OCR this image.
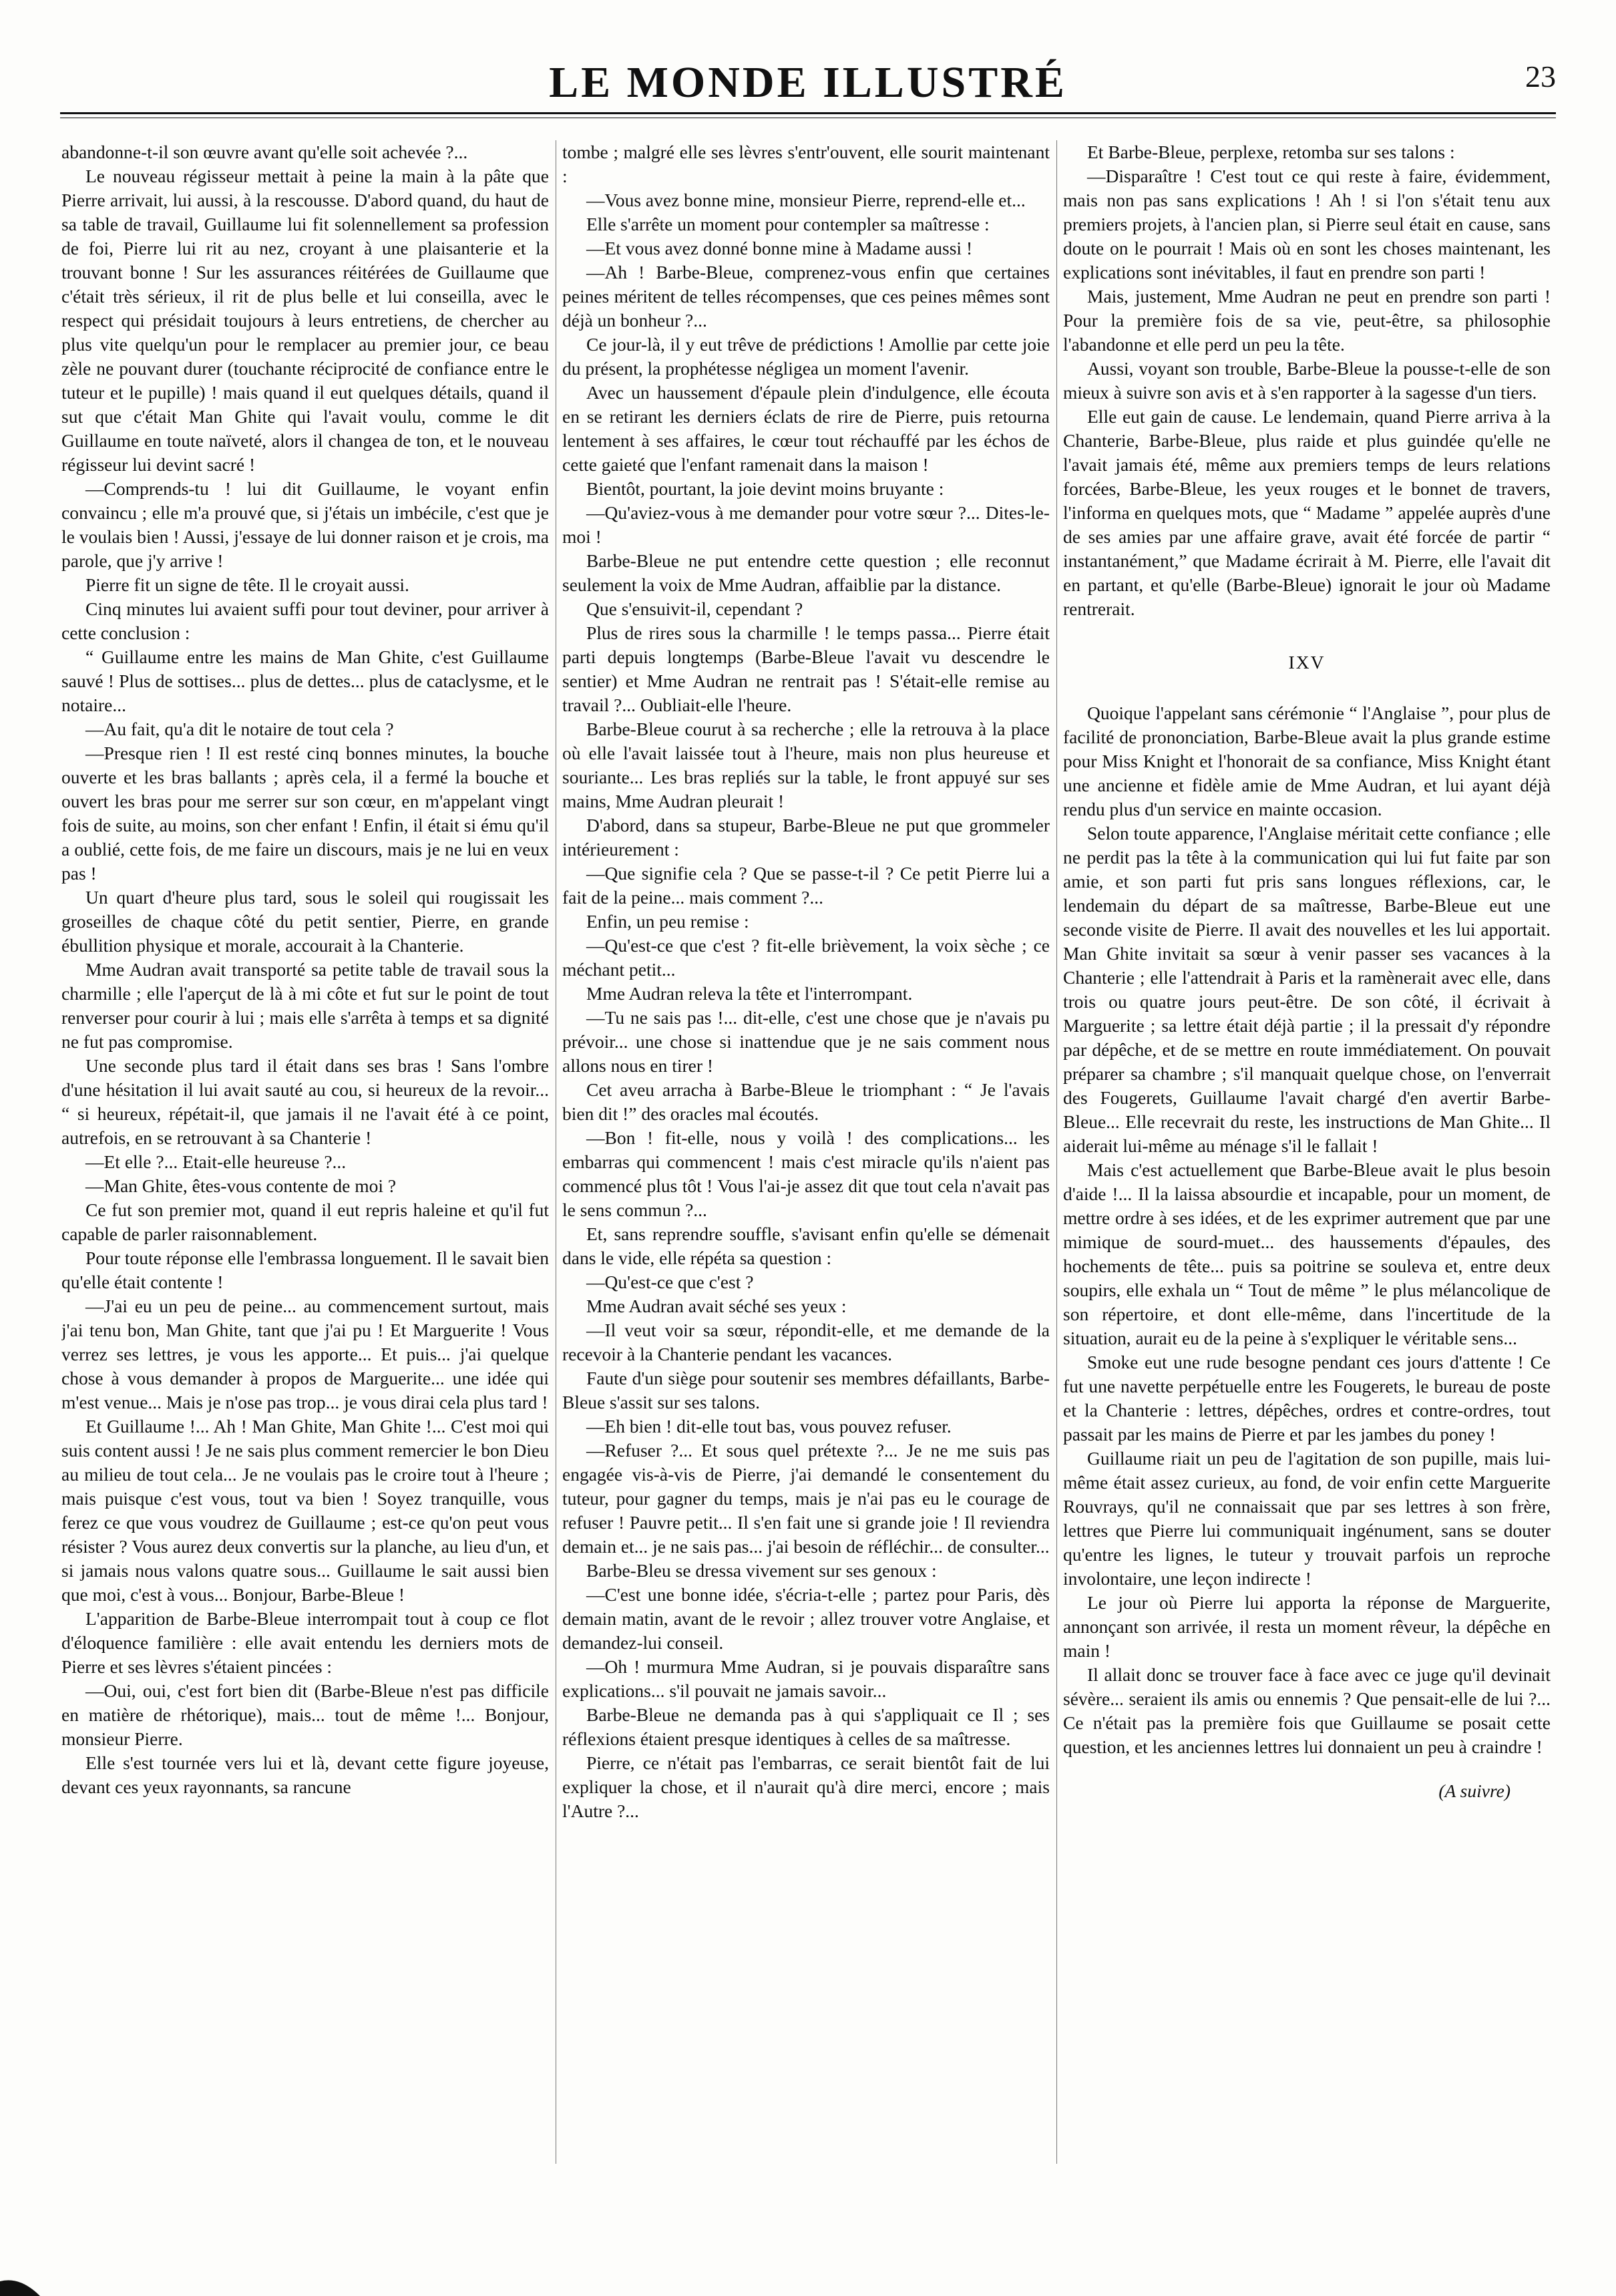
LE MONDE ILLUSTRÉ	23

abandonne-t-il son œuvre avant qu'elle soit achevée ?...

Le nouveau régisseur mettait à peine la main à la pâte que Pierre arrivait, lui aussi, à la rescousse. D'abord quand, du haut de sa table de travail, Guillaume lui fit solennellement sa profession de foi, Pierre lui rit au nez, croyant à une plaisanterie et la trouvant bonne ! Sur les assurances réitérées de Guillaume que c'était très sérieux, il rit de plus belle et lui conseilla, avec le respect qui présidait toujours à leurs entretiens, de chercher au plus vite quelqu'un pour le remplacer au premier jour, ce beau zèle ne pouvant durer (touchante réciprocité de confiance entre le tuteur et le pupille) ! mais quand il eut quelques détails, quand il sut que c'était Man Ghite qui l'avait voulu, comme le dit Guillaume en toute naïveté, alors il changea de ton, et le nouveau régisseur lui devint sacré !

—Comprends-tu ! lui dit Guillaume, le voyant enfin convaincu ; elle m'a prouvé que, si j'étais un imbécile, c'est que je le voulais bien ! Aussi, j'essaye de lui donner raison et je crois, ma parole, que j'y arrive !

Pierre fit un signe de tête. Il le croyait aussi.

Cinq minutes lui avaient suffi pour tout deviner, pour arriver à cette conclusion :

“ Guillaume entre les mains de Man Ghite, c'est Guillaume sauvé ! Plus de sottises... plus de dettes... plus de cataclysme, et le notaire...

—Au fait, qu'a dit le notaire de tout cela ?

—Presque rien ! Il est resté cinq bonnes minutes, la bouche ouverte et les bras ballants ; après cela, il a fermé la bouche et ouvert les bras pour me serrer sur son cœur, en m'appelant vingt fois de suite, au moins, son cher enfant ! Enfin, il était si ému qu'il a oublié, cette fois, de me faire un discours, mais je ne lui en veux pas !

Un quart d'heure plus tard, sous le soleil qui rougissait les groseilles de chaque côté du petit sentier, Pierre, en grande ébullition physique et morale, accourait à la Chanterie.

Mme Audran avait transporté sa petite table de travail sous la charmille ; elle l'aperçut de là à mi côte et fut sur le point de tout renverser pour courir à lui ; mais elle s'arrêta à temps et sa dignité ne fut pas compromise.

Une seconde plus tard il était dans ses bras ! Sans l'ombre d'une hésitation il lui avait sauté au cou, si heureux de la revoir... “ si heureux, répétait-il, que jamais il ne l'avait été à ce point, autrefois, en se retrouvant à sa Chanterie !

—Et elle ?... Etait-elle heureuse ?...

—Man Ghite, êtes-vous contente de moi ?

Ce fut son premier mot, quand il eut repris haleine et qu'il fut capable de parler raisonnablement.

Pour toute réponse elle l'embrassa longuement. Il le savait bien qu'elle était contente !

—J'ai eu un peu de peine... au commencement surtout, mais j'ai tenu bon, Man Ghite, tant que j'ai pu ! Et Marguerite ! Vous verrez ses lettres, je vous les apporte... Et puis... j'ai quelque chose à vous demander à propos de Marguerite... une idée qui m'est venue... Mais je n'ose pas trop... je vous dirai cela plus tard !

Et Guillaume !... Ah ! Man Ghite, Man Ghite !... C'est moi qui suis content aussi ! Je ne sais plus comment remercier le bon Dieu au milieu de tout cela... Je ne voulais pas le croire tout à l'heure ; mais puisque c'est vous, tout va bien ! Soyez tranquille, vous ferez ce que vous voudrez de Guillaume ; est-ce qu'on peut vous résister ? Vous aurez deux convertis sur la planche, au lieu d'un, et si jamais nous valons quatre sous... Guillaume le sait aussi bien que moi, c'est à vous... Bonjour, Barbe-Bleue !

L'apparition de Barbe-Bleue interrompait tout à coup ce flot d'éloquence familière : elle avait entendu les derniers mots de Pierre et ses lèvres s'étaient pincées :

—Oui, oui, c'est fort bien dit (Barbe-Bleue n'est pas difficile en matière de rhétorique), mais... tout de même !... Bonjour, monsieur Pierre.

Elle s'est tournée vers lui et là, devant cette figure joyeuse, devant ces yeux rayonnants, sa rancune

tombe ; malgré elle ses lèvres s'entr'ouvent, elle sourit maintenant :

—Vous avez bonne mine, monsieur Pierre, reprend-elle et...

Elle s'arrête un moment pour contempler sa maîtresse :

—Et vous avez donné bonne mine à Madame aussi !

—Ah ! Barbe-Bleue, comprenez-vous enfin que certaines peines méritent de telles récompenses, que ces peines mêmes sont déjà un bonheur ?...

Ce jour-là, il y eut trêve de prédictions ! Amollie par cette joie du présent, la prophétesse négligea un moment l'avenir.

Avec un haussement d'épaule plein d'indulgence, elle écouta en se retirant les derniers éclats de rire de Pierre, puis retourna lentement à ses affaires, le cœur tout réchauffé par les échos de cette gaieté que l'enfant ramenait dans la maison !

Bientôt, pourtant, la joie devint moins bruyante :

—Qu'aviez-vous à me demander pour votre sœur ?... Dites-le-moi !

Barbe-Bleue ne put entendre cette question ; elle reconnut seulement la voix de Mme Audran, affaiblie par la distance.

Que s'ensuivit-il, cependant ?

Plus de rires sous la charmille ! le temps passa... Pierre était parti depuis longtemps (Barbe-Bleue l'avait vu descendre le sentier) et Mme Audran ne rentrait pas ! S'était-elle remise au travail ?... Oubliait-elle l'heure.

Barbe-Bleue courut à sa recherche ; elle la retrouva à la place où elle l'avait laissée tout à l'heure, mais non plus heureuse et souriante... Les bras repliés sur la table, le front appuyé sur ses mains, Mme Audran pleurait !

D'abord, dans sa stupeur, Barbe-Bleue ne put que grommeler intérieurement :

—Que signifie cela ? Que se passe-t-il ? Ce petit Pierre lui a fait de la peine... mais comment ?...

Enfin, un peu remise :

—Qu'est-ce que c'est ? fit-elle brièvement, la voix sèche ; ce méchant petit...

Mme Audran releva la tête et l'interrompant.

—Tu ne sais pas !... dit-elle, c'est une chose que je n'avais pu prévoir... une chose si inattendue que je ne sais comment nous allons nous en tirer !

Cet aveu arracha à Barbe-Bleue le triomphant : “ Je l'avais bien dit !” des oracles mal écoutés.

—Bon ! fit-elle, nous y voilà ! des complications... les embarras qui commencent ! mais c'est miracle qu'ils n'aient pas commencé plus tôt ! Vous l'ai-je assez dit que tout cela n'avait pas le sens commun ?...

Et, sans reprendre souffle, s'avisant enfin qu'elle se démenait dans le vide, elle répéta sa question :

—Qu'est-ce que c'est ?

Mme Audran avait séché ses yeux :

—Il veut voir sa sœur, répondit-elle, et me demande de la recevoir à la Chanterie pendant les vacances.

Faute d'un siège pour soutenir ses membres défaillants, Barbe-Bleue s'assit sur ses talons.

—Eh bien ! dit-elle tout bas, vous pouvez refuser.

—Refuser ?... Et sous quel prétexte ?... Je ne me suis pas engagée vis-à-vis de Pierre, j'ai demandé le consentement du tuteur, pour gagner du temps, mais je n'ai pas eu le courage de refuser ! Pauvre petit... Il s'en fait une si grande joie ! Il reviendra demain et... je ne sais pas... j'ai besoin de réfléchir... de consulter...

Barbe-Bleu se dressa vivement sur ses genoux :

—C'est une bonne idée, s'écria-t-elle ; partez pour Paris, dès demain matin, avant de le revoir ; allez trouver votre Anglaise, et demandez-lui conseil.

—Oh ! murmura Mme Audran, si je pouvais disparaître sans explications... s'il pouvait ne jamais savoir...

Barbe-Bleue ne demanda pas à qui s'appliquait ce Il ; ses réflexions étaient presque identiques à celles de sa maîtresse.

Pierre, ce n'était pas l'embarras, ce serait bientôt fait de lui expliquer la chose, et il n'aurait qu'à dire merci, encore ; mais l'Autre ?...

Et Barbe-Bleue, perplexe, retomba sur ses talons :

—Disparaître ! C'est tout ce qui reste à faire, évidemment, mais non pas sans explications ! Ah ! si l'on s'était tenu aux premiers projets, à l'ancien plan, si Pierre seul était en cause, sans doute on le pourrait ! Mais où en sont les choses maintenant, les explications sont inévitables, il faut en prendre son parti !

Mais, justement, Mme Audran ne peut en prendre son parti ! Pour la première fois de sa vie, peut-être, sa philosophie l'abandonne et elle perd un peu la tête.

Aussi, voyant son trouble, Barbe-Bleue la pousse-t-elle de son mieux à suivre son avis et à s'en rapporter à la sagesse d'un tiers.

Elle eut gain de cause. Le lendemain, quand Pierre arriva à la Chanterie, Barbe-Bleue, plus raide et plus guindée qu'elle ne l'avait jamais été, même aux premiers temps de leurs relations forcées, Barbe-Bleue, les yeux rouges et le bonnet de travers, l'informa en quelques mots, que “ Madame ” appelée auprès d'une de ses amies par une affaire grave, avait été forcée de partir “ instantanément,” que Madame écrirait à M. Pierre, elle l'avait dit en partant, et qu'elle (Barbe-Bleue) ignorait le jour où Madame rentrerait.

IXV

Quoique l'appelant sans cérémonie “ l'Anglaise ”, pour plus de facilité de prononciation, Barbe-Bleue avait la plus grande estime pour Miss Knight et l'honorait de sa confiance, Miss Knight étant une ancienne et fidèle amie de Mme Audran, et lui ayant déjà rendu plus d'un service en mainte occasion.

Selon toute apparence, l'Anglaise méritait cette confiance ; elle ne perdit pas la tête à la communication qui lui fut faite par son amie, et son parti fut pris sans longues réflexions, car, le lendemain du départ de sa maîtresse, Barbe-Bleue eut une seconde visite de Pierre. Il avait des nouvelles et les lui apportait. Man Ghite invitait sa sœur à venir passer ses vacances à la Chanterie ; elle l'attendrait à Paris et la ramènerait avec elle, dans trois ou quatre jours peut-être. De son côté, il écrivait à Marguerite ; sa lettre était déjà partie ; il la pressait d'y répondre par dépêche, et de se mettre en route immédiatement. On pouvait préparer sa chambre ; s'il manquait quelque chose, on l'enverrait des Fougerets, Guillaume l'avait chargé d'en avertir Barbe-Bleue... Elle recevrait du reste, les instructions de Man Ghite... Il aiderait lui-même au ménage s'il le fallait !

Mais c'est actuellement que Barbe-Bleue avait le plus besoin d'aide !... Il la laissa absourdie et incapable, pour un moment, de mettre ordre à ses idées, et de les exprimer autrement que par une mimique de sourd-muet... des haussements d'épaules, des hochements de tête... puis sa poitrine se souleva et, entre deux soupirs, elle exhala un “ Tout de même ” le plus mélancolique de son répertoire, et dont elle-même, dans l'incertitude de la situation, aurait eu de la peine à s'expliquer le véritable sens...

Smoke eut une rude besogne pendant ces jours d'attente ! Ce fut une navette perpétuelle entre les Fougerets, le bureau de poste et la Chanterie : lettres, dépêches, ordres et contre-ordres, tout passait par les mains de Pierre et par les jambes du poney !

Guillaume riait un peu de l'agitation de son pupille, mais lui-même était assez curieux, au fond, de voir enfin cette Marguerite Rouvrays, qu'il ne connaissait que par ses lettres à son frère, lettres que Pierre lui communiquait ingénument, sans se douter qu'entre les lignes, le tuteur y trouvait parfois un reproche involontaire, une leçon indirecte !

Le jour où Pierre lui apporta la réponse de Marguerite, annonçant son arrivée, il resta un moment rêveur, la dépêche en main !

Il allait donc se trouver face à face avec ce juge qu'il devinait sévère... seraient ils amis ou ennemis ? Que pensait-elle de lui ?... Ce n'était pas la première fois que Guillaume se posait cette question, et les anciennes lettres lui donnaient un peu à craindre !

(A suivre)
